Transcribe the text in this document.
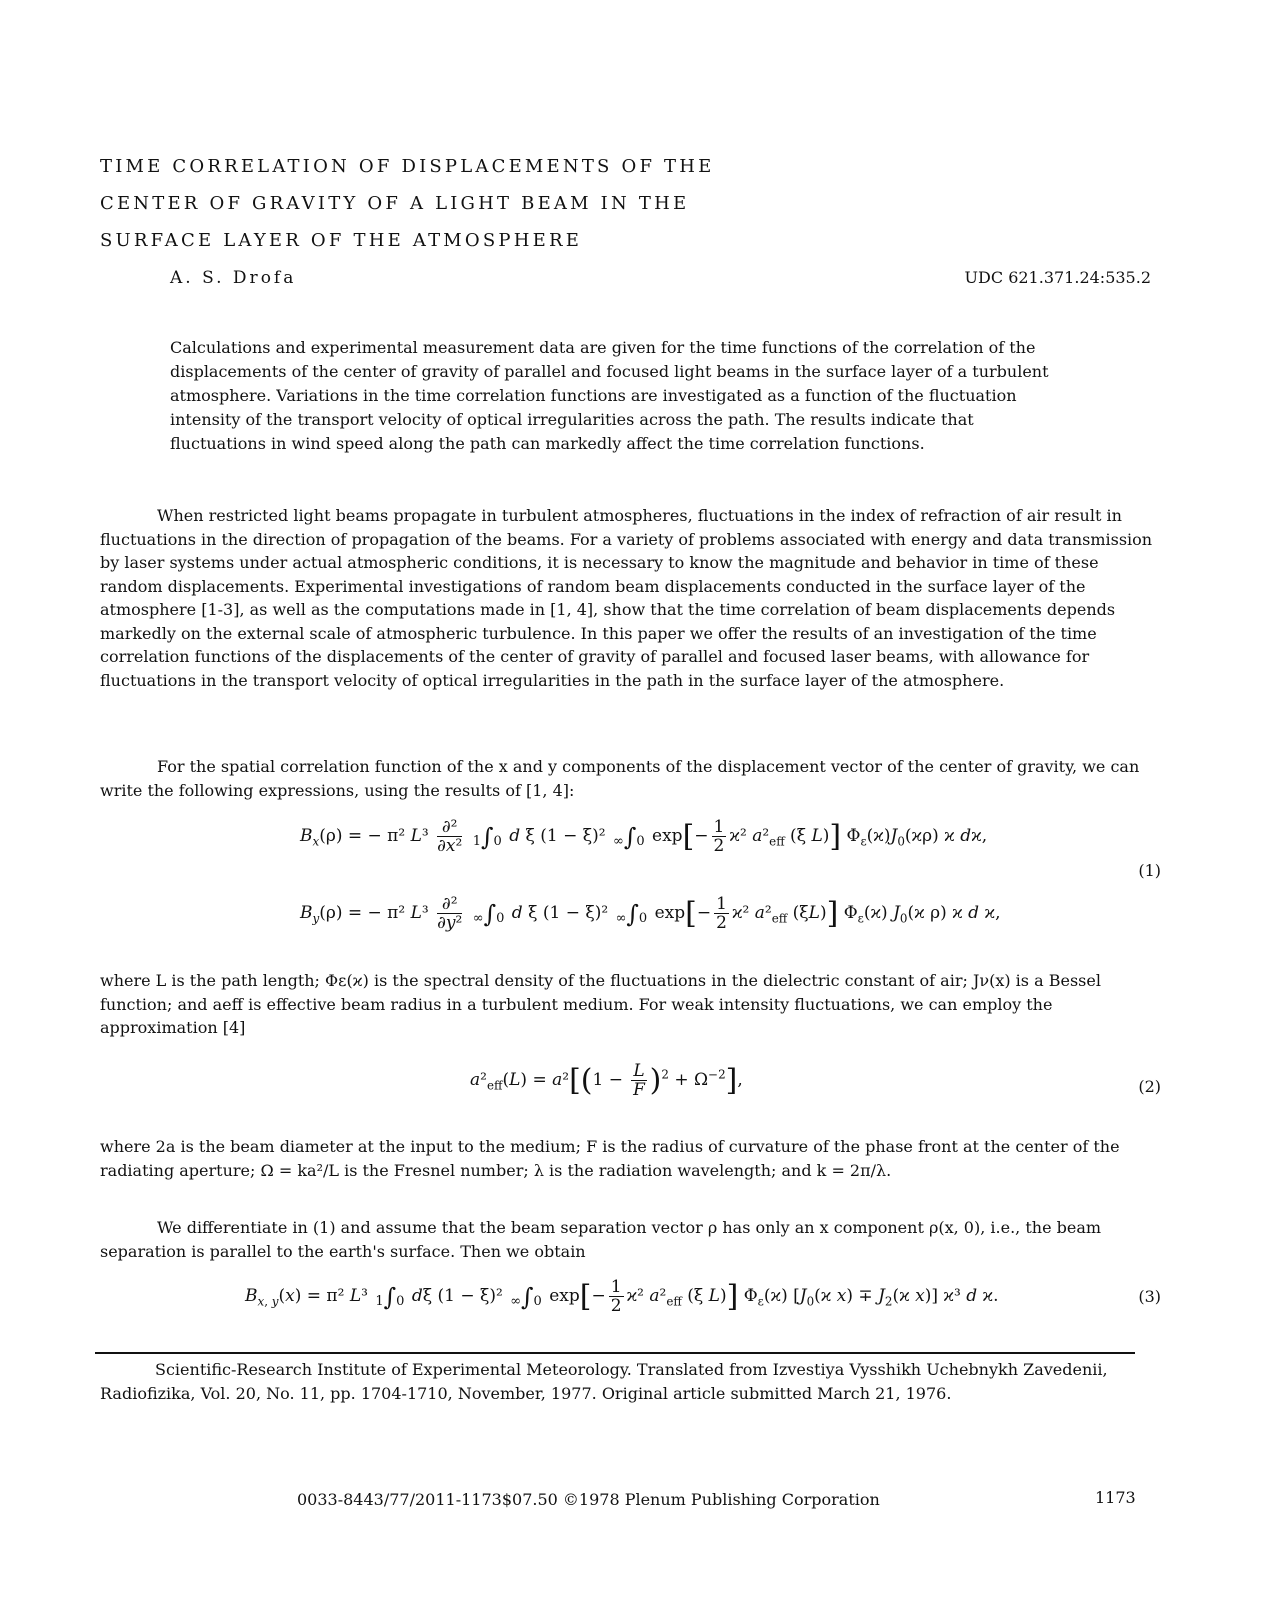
TIME CORRELATION OF DISPLACEMENTS OF THE
CENTER OF GRAVITY OF A LIGHT BEAM IN THE
SURFACE LAYER OF THE ATMOSPHERE
A. S. Drofa	UDC 621.371.24:535.2

Calculations and experimental measurement data are given for the time functions of the correlation of the displacements of the center of gravity of parallel and focused light beams in the surface layer of a turbulent atmosphere. Variations in the time correlation functions are investigated as a function of the fluctuation intensity of the transport velocity of optical irregularities across the path. The results indicate that fluctuations in wind speed along the path can markedly affect the time correlation functions.

When restricted light beams propagate in turbulent atmospheres, fluctuations in the index of refraction of air result in fluctuations in the direction of propagation of the beams. For a variety of problems associated with energy and data transmission by laser systems under actual atmospheric conditions, it is necessary to know the magnitude and behavior in time of these random displacements. Experimental investigations of random beam displacements conducted in the surface layer of the atmosphere [1-3], as well as the computations made in [1, 4], show that the time correlation of beam displacements depends markedly on the external scale of atmospheric turbulence. In this paper we offer the results of an investigation of the time correlation functions of the displacements of the center of gravity of parallel and focused laser beams, with allowance for fluctuations in the transport velocity of optical irregularities in the path in the surface layer of the atmosphere.

For the spatial correlation function of the x and y components of the displacement vector of the center of gravity, we can write the following expressions, using the results of [1, 4]:

$B_x(\rho)$ = − π² $L^3 \frac{\text{∂²}}{\text{∂x²}} 1\int 0$ d ξ (1 − ξ)² ∞∫0 $\exp[- \frac{1}{2} ϰ^2$ $a^2_{eff}$ (ξ L)] $\Phi_\varepsilon(ϰ)J_0(ϰ\rho)$ ϰ dϰ,
(1)
$B_y(\rho)$ = − π² $L^3 \frac{\text{∂²}}{\text{∂y²}} \infty\int 0$ d ξ (1 − ξ)² ∞∫0 $\exp[- \frac{1}{2} ϰ^2$ $a^2_{eff}$ (ξL)] $\Phi_\varepsilon(ϰ)$ $J_0(ϰ$ ρ) ϰ d ϰ,

where L is the path length; Φε(ϰ) is the spectral density of the fluctuations in the dielectric constant of air; Jν(x) is a Bessel function; and aeff is effective beam radius in a turbulent medium. For weak intensity fluctuations, we can employ the approximation [4]

$a^2_{eff}(L) = a^2[(1 - \frac{L}{F} )^2 + \Omega^{-2}]$,	(2)

where 2a is the beam diameter at the input to the medium; F is the radius of curvature of the phase front at the center of the radiating aperture; Ω = ka²/L is the Fresnel number; λ is the radiation wavelength; and k = 2π/λ.

We differentiate in (1) and assume that the beam separation vector ρ has only an x component ρ(x, 0), i.e., the beam separation is parallel to the earth's surface. Then we obtain

$B_{x, y}(x) = \pi^2$ L³ 1∫0 dξ (1 − ξ)² ∞∫0 $\exp[- \frac{1}{2} ϰ^2$ $a^2_{eff}$ (ξ L)] $\Phi_\varepsilon(ϰ)$ [$J_0(ϰ$ $x) \mp J_2(ϰ$ x)] ϰ³ d ϰ.	(3)

Scientific-Research Institute of Experimental Meteorology. Translated from Izvestiya Vysshikh Uchebnykh Zavedenii, Radiofizika, Vol. 20, No. 11, pp. 1704-1710, November, 1977. Original article submitted March 21, 1976.

0033-8443/77/2011-1173$07.50 ©1978 Plenum Publishing Corporation	1173
